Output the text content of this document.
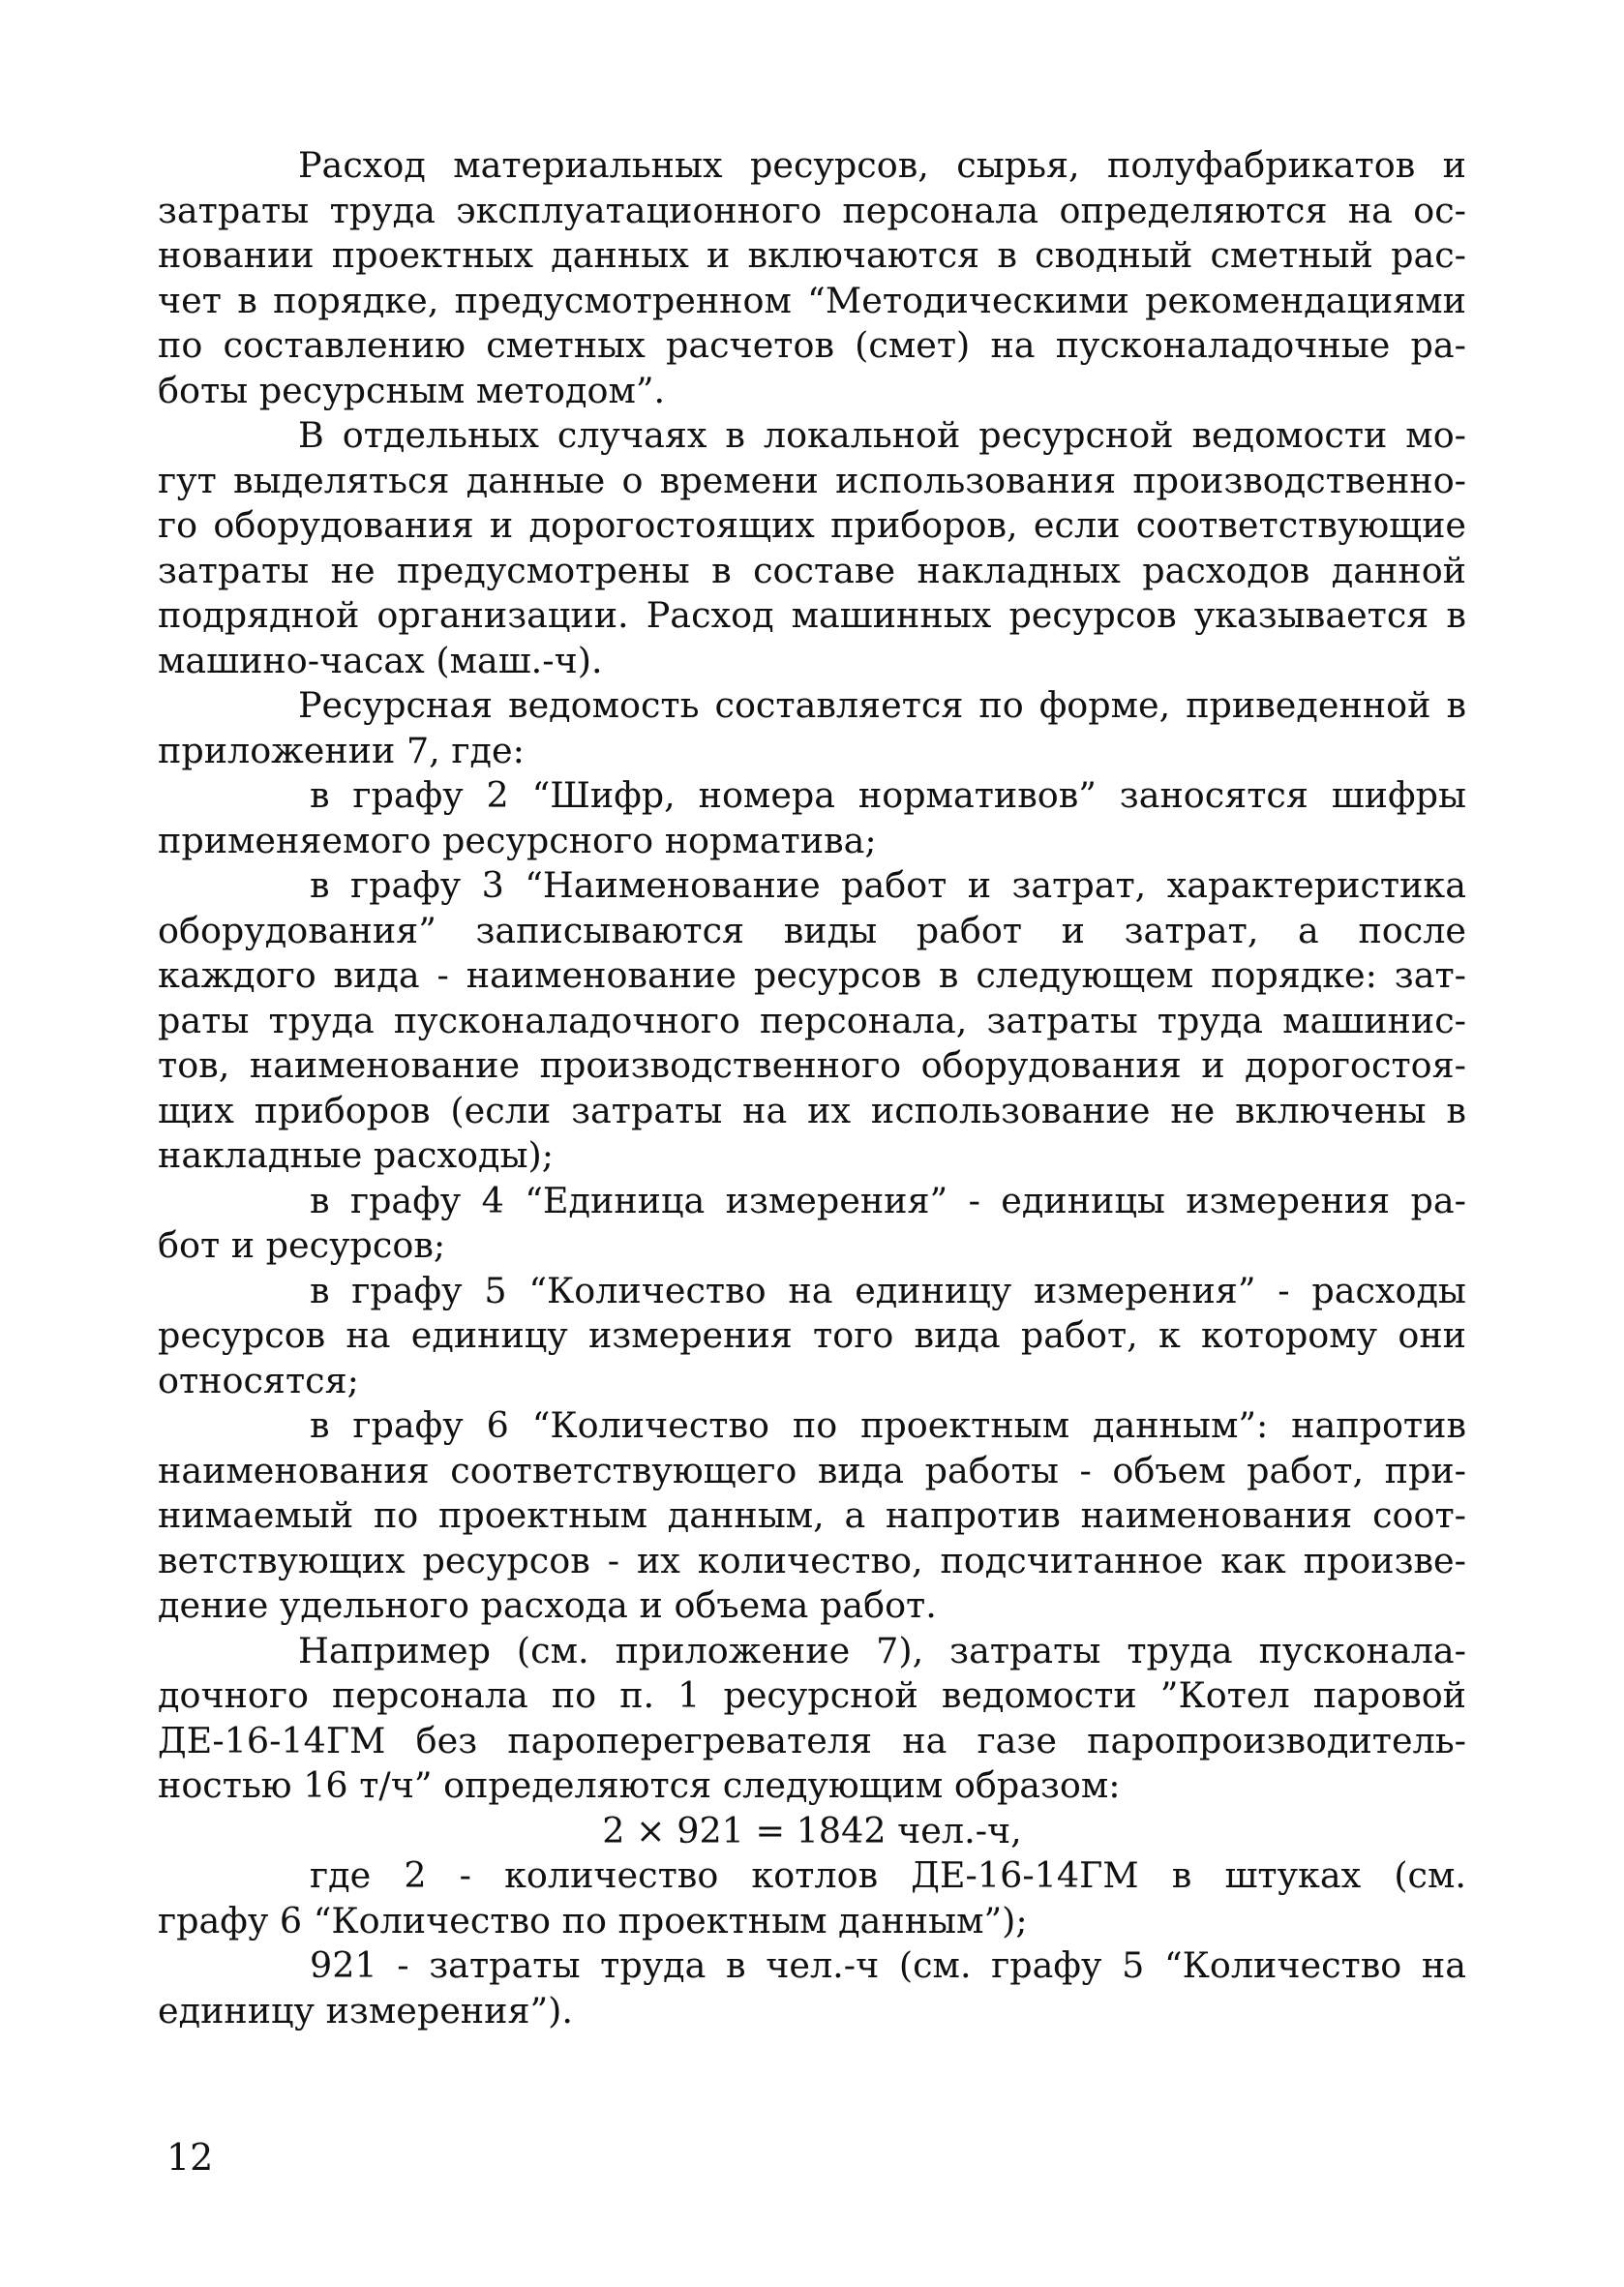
Расход материальных ресурсов, сырья, полуфабрикатов и
затраты труда эксплуатационного персонала определяются на ос-
новании проектных данных и включаются в сводный сметный рас-
чет в порядке, предусмотренном “Методическими рекомендациями
по составлению сметных расчетов (смет) на пусконаладочные ра-
боты ресурсным методом”.
В отдельных случаях в локальной ресурсной ведомости мо-
гут выделяться данные о времени использования производственно-
го оборудования и дорогостоящих приборов, если соответствующие
затраты не предусмотрены в составе накладных расходов данной
подрядной организации. Расход машинных ресурсов указывается в
машино-часах (маш.-ч).
Ресурсная ведомость составляется по форме, приведенной в
приложении 7, где:
в графу 2 “Шифр, номера нормативов” заносятся шифры
применяемого ресурсного норматива;
в графу 3 “Наименование работ и затрат, характеристика
оборудования” записываются виды работ и затрат, а после
каждого вида - наименование ресурсов в следующем порядке: зат-
раты труда пусконаладочного персонала, затраты труда машинис-
тов, наименование производственного оборудования и дорогостоя-
щих приборов (если затраты на их использование не включены в
накладные расходы);
в графу 4 “Единица измерения” - единицы измерения ра-
бот и ресурсов;
в графу 5 “Количество на единицу измерения” - расходы
ресурсов на единицу измерения того вида работ, к которому они
относятся;
в графу 6 “Количество по проектным данным”: напротив
наименования соответствующего вида работы - объем работ, при-
нимаемый по проектным данным, а напротив наименования соот-
ветствующих ресурсов - их количество, подсчитанное как произве-
дение удельного расхода и объема работ.
Например (см. приложение 7), затраты труда пусконала-
дочного персонала по п. 1 ресурсной ведомости ”Котел паровой
ДЕ-16-14ГМ без пароперегревателя на газе паропроизводитель-
ностью 16 т/ч” определяются следующим образом:
2 × 921 = 1842 чел.-ч,
где 2 - количество котлов ДЕ-16-14ГМ в штуках (см.
графу 6 “Количество по проектным данным”);
921 - затраты труда в чел.-ч (см. графу 5 “Количество на
единицу измерения”).
12
